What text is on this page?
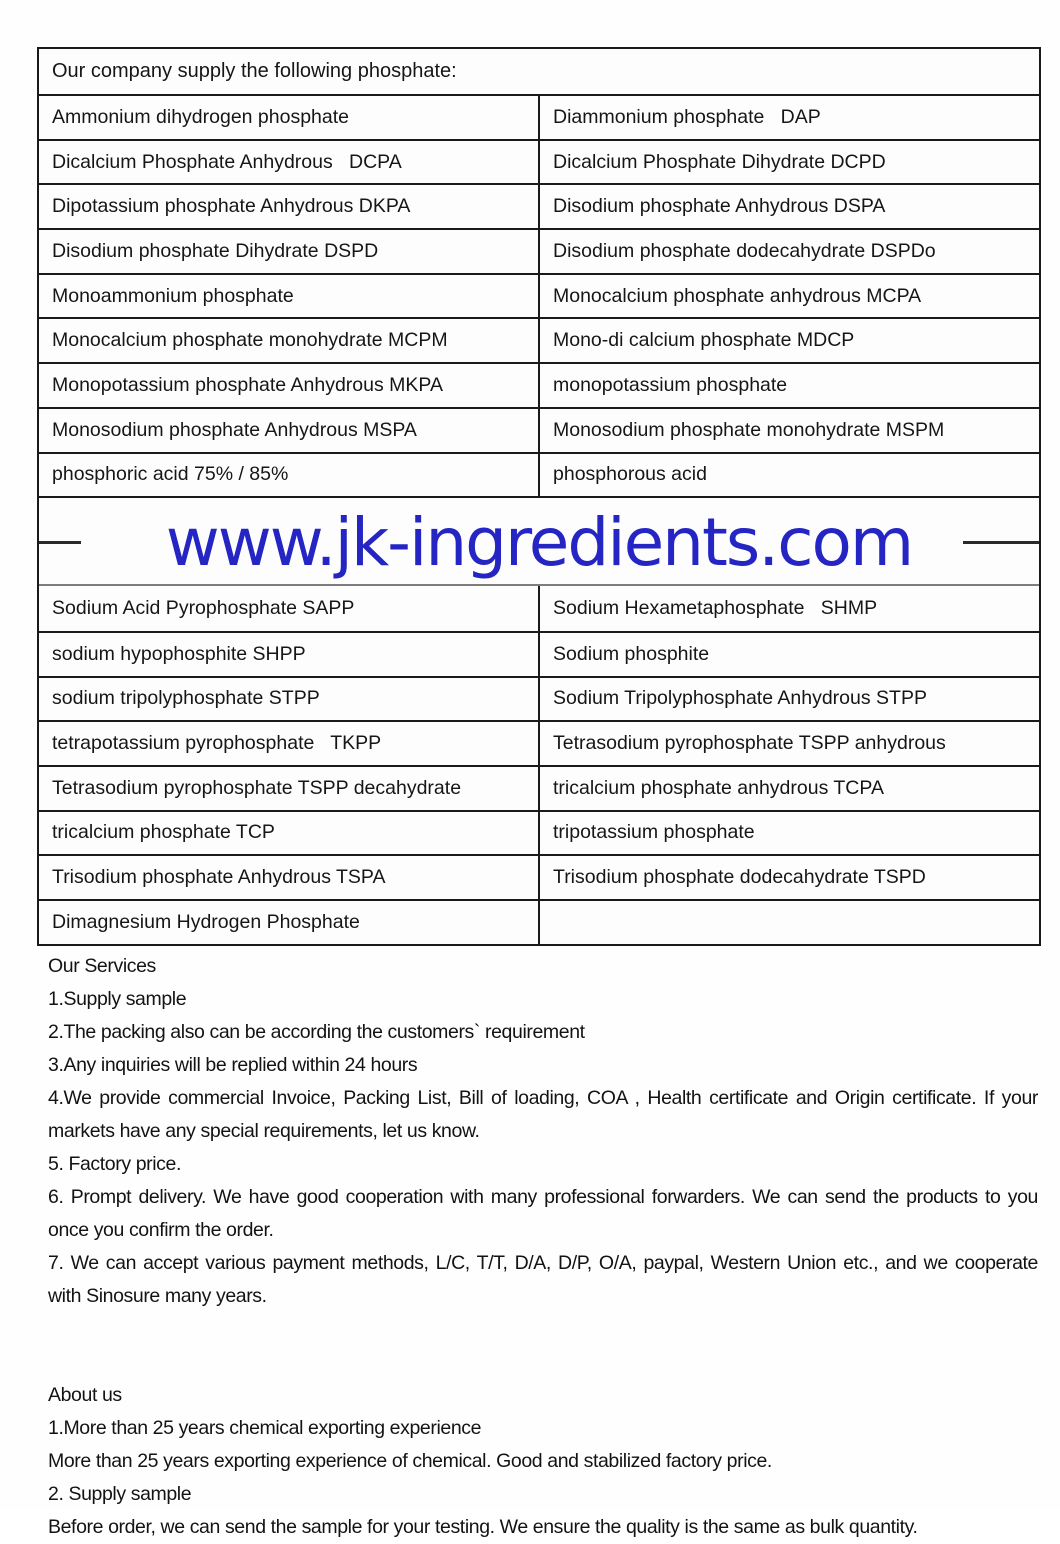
Our company supply the following phosphate:
Ammonium dihydrogen phosphate	Diammonium phosphate   DAP
Dicalcium Phosphate Anhydrous   DCPA	Dicalcium Phosphate Dihydrate DCPD
Dipotassium phosphate Anhydrous DKPA	Disodium phosphate Anhydrous DSPA
Disodium phosphate Dihydrate DSPD	Disodium phosphate dodecahydrate DSPDo
Monoammonium phosphate	Monocalcium phosphate anhydrous MCPA
Monocalcium phosphate monohydrate MCPM	Mono-di calcium phosphate MDCP
Monopotassium phosphate Anhydrous MKPA	monopotassium phosphate
Monosodium phosphate Anhydrous MSPA	Monosodium phosphate monohydrate MSPM
phosphoric acid 75% / 85%	phosphorous acid
www.jk-ingredients.com
Sodium Acid Pyrophosphate SAPP	Sodium Hexametaphosphate   SHMP
sodium hypophosphite SHPP	Sodium phosphite
sodium tripolyphosphate STPP	Sodium Tripolyphosphate Anhydrous STPP
tetrapotassium pyrophosphate   TKPP	Tetrasodium pyrophosphate TSPP anhydrous
Tetrasodium pyrophosphate TSPP decahydrate	tricalcium phosphate anhydrous TCPA
tricalcium phosphate TCP	tripotassium phosphate
Trisodium phosphate Anhydrous TSPA	Trisodium phosphate dodecahydrate TSPD
Dimagnesium Hydrogen Phosphate

Our Services

1.Supply sample

2.The packing also can be according the customers` requirement

3.Any inquiries will be replied within 24 hours

4.We provide commercial Invoice, Packing List, Bill of loading, COA , Health certificate and Origin certificate. If your markets have any special requirements, let us know.

5. Factory price.

6. Prompt delivery. We have good cooperation with many professional forwarders. We can send the products to you once you confirm the order.

7. We can accept various payment methods, L/C, T/T, D/A, D/P, O/A, paypal, Western Union etc., and we cooperate with Sinosure many years.

About us

1.More than 25 years chemical exporting experience

More than 25 years exporting experience of chemical. Good and stabilized factory price.

2. Supply sample

Before order, we can send the sample for your testing. We ensure the quality is the same as bulk quantity.
